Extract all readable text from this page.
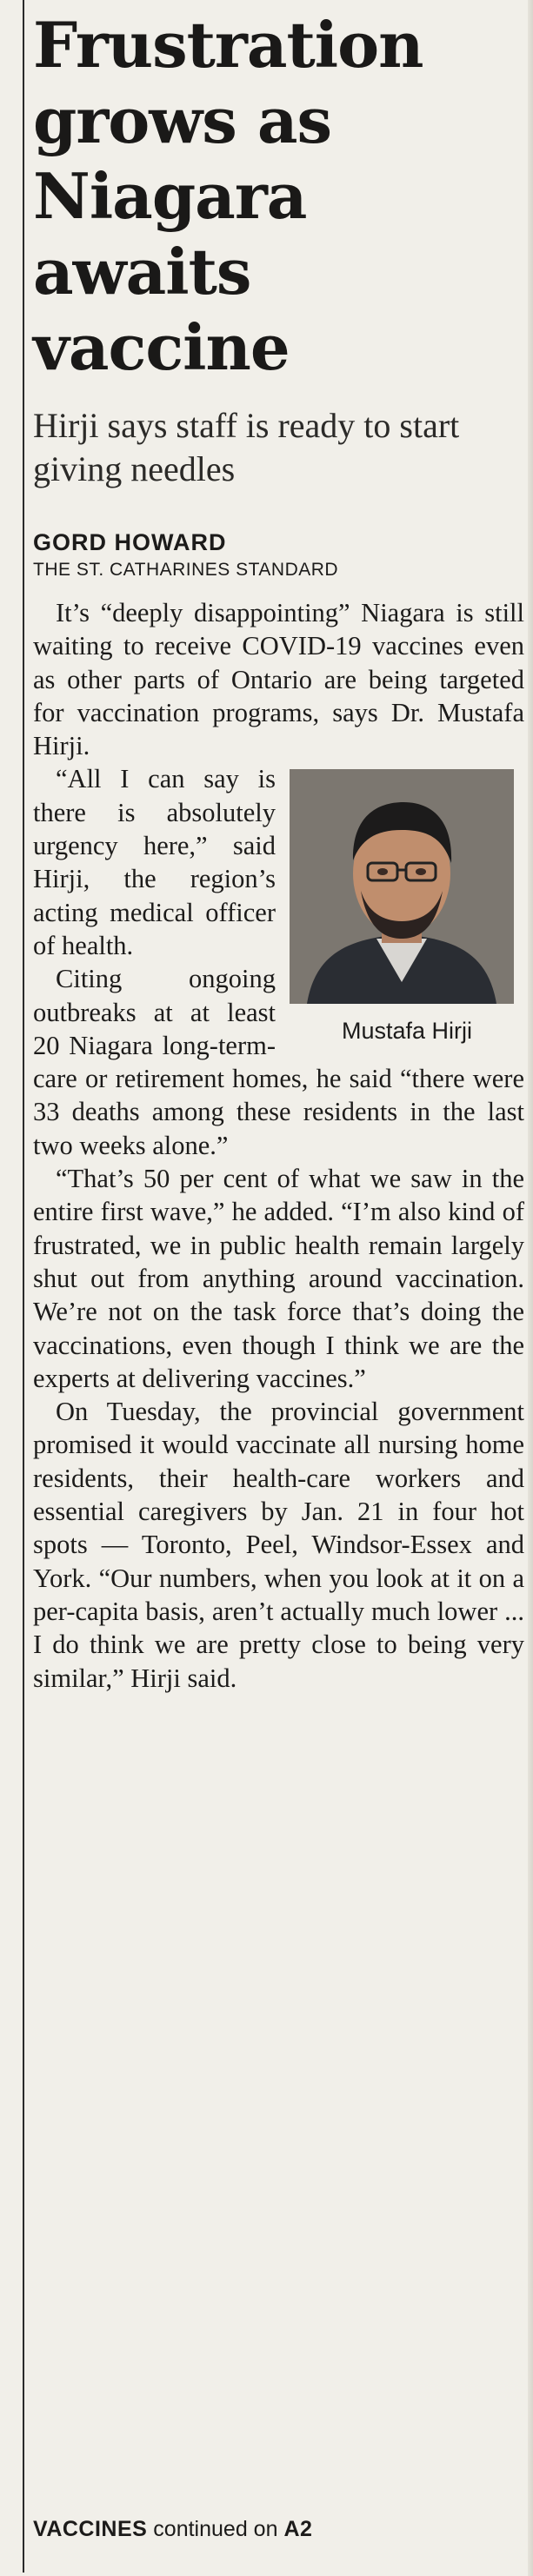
Frustration grows as Niagara awaits vaccine
Hirji says staff is ready to start giving needles
GORD HOWARD
THE ST. CATHARINES STANDARD

It’s “deeply disappointing” Niagara is still waiting to receive COVID-19 vaccines even as other parts of Ontario are being targeted for vaccination programs, says Dr. Mustafa Hirji.

Mustafa Hirji
“All I can say is there is absolutely urgency here,” said Hirji, the region’s acting medical officer of health.

Citing ongoing outbreaks at at least 20 Niagara long-term-care or retirement homes, he said “there were 33 deaths among these residents in the last two weeks alone.”

“That’s 50 per cent of what we saw in the entire first wave,” he added. “I’m also kind of frustrated, we in public health remain largely shut out from anything around vaccination. We’re not on the task force that’s doing the vaccinations, even though I think we are the experts at delivering vaccines.”

On Tuesday, the provincial government promised it would vaccinate all nursing home residents, their health-care workers and essential caregivers by Jan. 21 in four hot spots — Toronto, Peel, Windsor-Essex and York. “Our numbers, when you look at it on a per-capita basis, aren’t actually much lower ... I do think we are pretty close to being very similar,” Hirji said.

VACCINES continued on A2
